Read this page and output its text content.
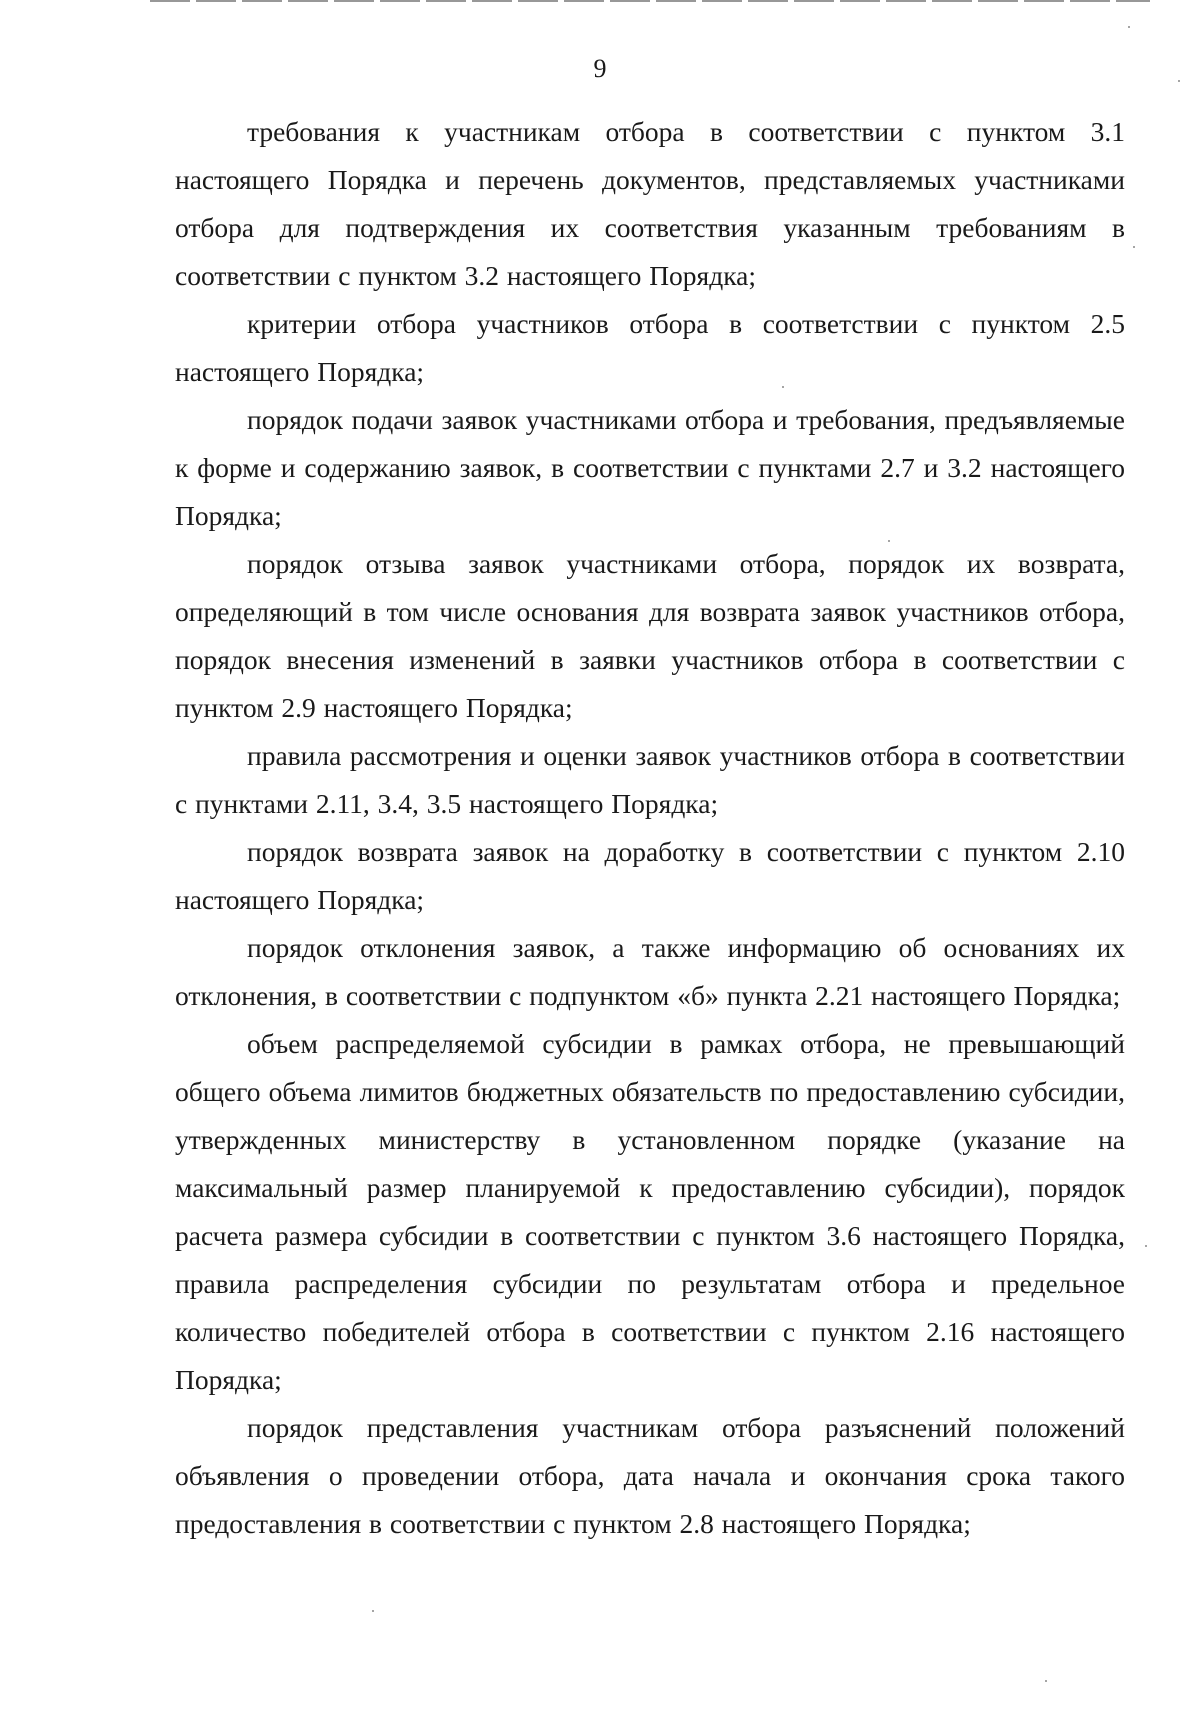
9

требования к участникам отбора в соответствии с пунктом 3.1 настоящего Порядка и перечень документов, представляемых участниками отбора для подтверждения их соответствия указанным требованиям в соответствии с пунктом 3.2 настоящего Порядка;

критерии отбора участников отбора в соответствии с пунктом 2.5 настоящего Порядка;

порядок подачи заявок участниками отбора и требования, предъявляемые к форме и содержанию заявок, в соответствии с пунктами 2.7 и 3.2 настоящего Порядка;

порядок отзыва заявок участниками отбора, порядок их возврата, определяющий в том числе основания для возврата заявок участников отбора, порядок внесения изменений в заявки участников отбора в соответствии с пунктом 2.9 настоящего Порядка;

правила рассмотрения и оценки заявок участников отбора в соответствии с пунктами 2.11, 3.4, 3.5 настоящего Порядка;

порядок возврата заявок на доработку в соответствии с пунктом 2.10 настоящего Порядка;

порядок отклонения заявок, а также информацию об основаниях их отклонения, в соответствии с подпунктом «б» пункта 2.21 настоящего Порядка;

объем распределяемой субсидии в рамках отбора, не превышающий общего объема лимитов бюджетных обязательств по предоставлению субсидии, утвержденных министерству в установленном порядке (указание на максимальный размер планируемой к предоставлению субсидии), порядок расчета размера субсидии в соответствии с пунктом 3.6 настоящего Порядка, правила распределения субсидии по результатам отбора и предельное количество победителей отбора в соответствии с пунктом 2.16 настоящего Порядка;

порядок представления участникам отбора разъяснений положений объявления о проведении отбора, дата начала и окончания срока такого предоставления в соответствии с пунктом 2.8 настоящего Порядка;
